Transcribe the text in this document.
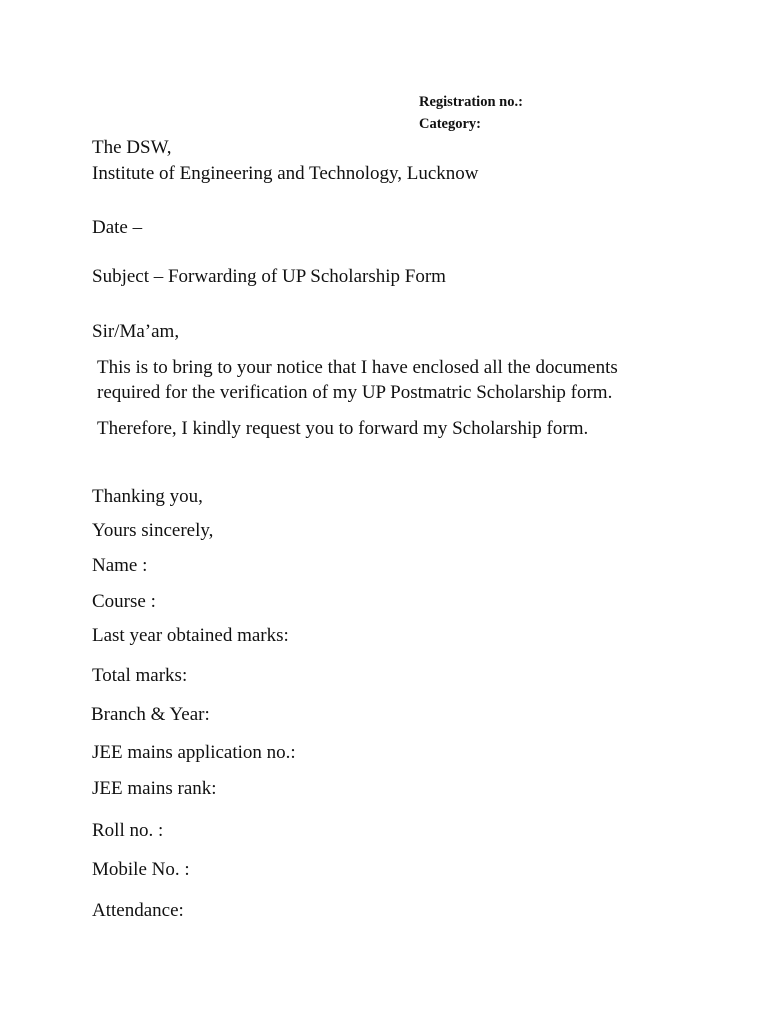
Registration no.:
Category:
The DSW,
Institute of Engineering and Technology, Lucknow
Date –
Subject – Forwarding of UP Scholarship Form
Sir/Ma’am,
This is to bring to your notice that I have enclosed all the documents
required for the verification of my UP Postmatric Scholarship form.
Therefore, I kindly request you to forward my Scholarship form.
Thanking you,
Yours sincerely,
Name :
Course :
Last year obtained marks:
Total marks:
Branch & Year:
JEE mains application no.:
JEE mains rank:
Roll no. :
Mobile No. :
Attendance:
